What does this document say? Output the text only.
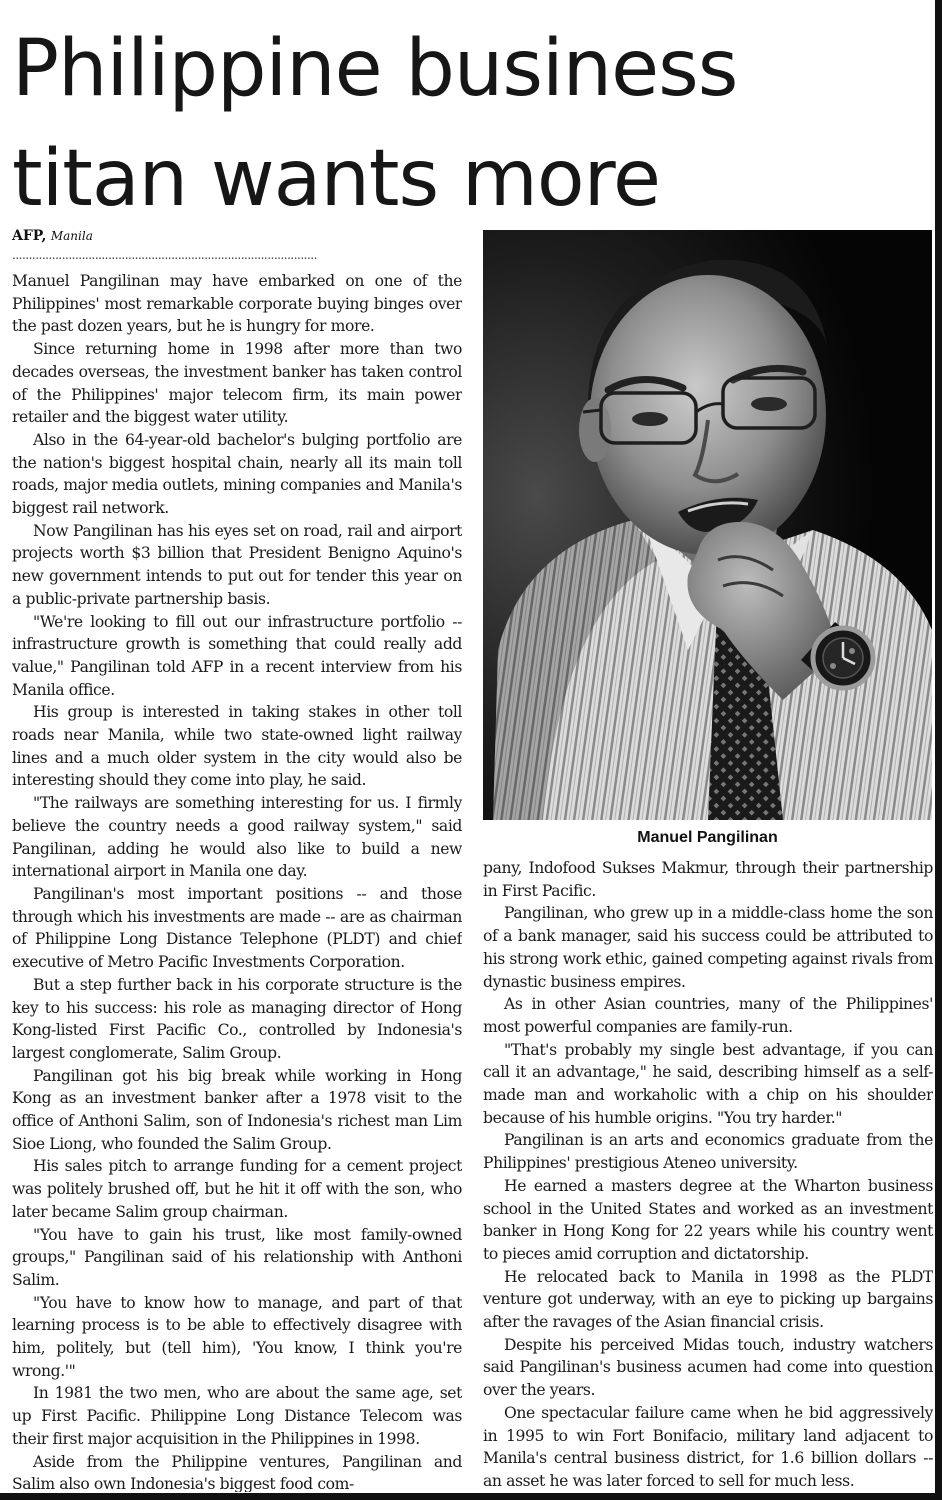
Philippine business titan wants more
AFP, Manila
............................................................................................

Manuel Pangilinan may have embarked on one of the Philippines' most remarkable corporate buying binges over the past dozen years, but he is hungry for more.

Since returning home in 1998 after more than two decades overseas, the investment banker has taken control of the Philippines' major telecom firm, its main power retailer and the biggest water utility.

Also in the 64-year-old bachelor's bulging portfolio are the nation's biggest hospital chain, nearly all its main toll roads, major media outlets, mining companies and Manila's biggest rail network.

Now Pangilinan has his eyes set on road, rail and airport projects worth $3 billion that President Benigno Aquino's new government intends to put out for tender this year on a public-private partnership basis.

"We're looking to fill out our infrastructure portfolio -- infrastructure growth is something that could really add value," Pangilinan told AFP in a recent interview from his Manila office.

His group is interested in taking stakes in other toll roads near Manila, while two state-owned light railway lines and a much older system in the city would also be interesting should they come into play, he said.

"The railways are something interesting for us. I firmly believe the country needs a good railway system," said Pangilinan, adding he would also like to build a new international airport in Manila one day.

Pangilinan's most important positions -- and those through which his investments are made -- are as chairman of Philippine Long Distance Telephone (PLDT) and chief executive of Metro Pacific Investments Corporation.

But a step further back in his corporate structure is the key to his success: his role as managing director of Hong Kong-listed First Pacific Co., controlled by Indonesia's largest conglomerate, Salim Group.

Pangilinan got his big break while working in Hong Kong as an investment banker after a 1978 visit to the office of Anthoni Salim, son of Indonesia's richest man Lim Sioe Liong, who founded the Salim Group.

His sales pitch to arrange funding for a cement project was politely brushed off, but he hit it off with the son, who later became Salim group chairman.

"You have to gain his trust, like most family-owned groups," Pangilinan said of his relationship with Anthoni Salim.

"You have to know how to manage, and part of that learning process is to be able to effectively disagree with him, politely, but (tell him), 'You know, I think you're wrong.'"

In 1981 the two men, who are about the same age, set up First Pacific. Philippine Long Distance Telecom was their first major acquisition in the Philippines in 1998.

Aside from the Philippine ventures, Pangilinan and Salim also own Indonesia's biggest food com-

Manuel Pangilinan

pany, Indofood Sukses Makmur, through their partnership in First Pacific.

Pangilinan, who grew up in a middle-class home the son of a bank manager, said his success could be attributed to his strong work ethic, gained competing against rivals from dynastic business empires.

As in other Asian countries, many of the Philippines' most powerful companies are family-run.

"That's probably my single best advantage, if you can call it an advantage," he said, describing himself as a self-made man and workaholic with a chip on his shoulder because of his humble origins. "You try harder."

Pangilinan is an arts and economics graduate from the Philippines' prestigious Ateneo university.

He earned a masters degree at the Wharton business school in the United States and worked as an investment banker in Hong Kong for 22 years while his country went to pieces amid corruption and dictatorship.

He relocated back to Manila in 1998 as the PLDT venture got underway, with an eye to picking up bargains after the ravages of the Asian financial crisis.

Despite his perceived Midas touch, industry watchers said Pangilinan's business acumen had come into question over the years.

One spectacular failure came when he bid aggressively in 1995 to win Fort Bonifacio, military land adjacent to Manila's central business district, for 1.6 billion dollars -- an asset he was later forced to sell for much less.
